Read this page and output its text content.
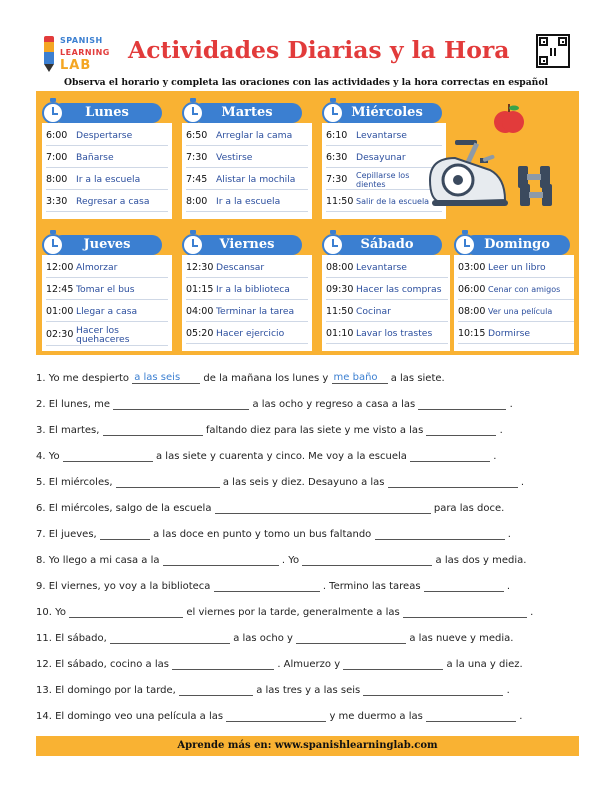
SPANISH
LEARNING
LAB
Actividades Diarias y la Hora
Observa el horario y completa las oraciones con las actividades y la hora correctas en español
Lunes
6:00 Despertarse
7:00 Bañarse
8:00 Ir a la escuela
3:30 Regresar a casa
Martes
6:50 Arreglar la cama
7:30 Vestirse
7:45 Alistar la mochila
8:00 Ir a la escuela
Miércoles
6:10 Levantarse
6:30 Desayunar
7:30	Cepillarse los dientes
11:50 Salir de la escuela
Jueves
12:00 Almorzar
12:45 Tomar el bus
01:00 Llegar a casa
02:30 Hacer los quehaceres
Viernes
12:30 Descansar
01:15 Ir a la biblioteca
04:00 Terminar la tarea
05:20 Hacer ejercicio
Sábado
08:00 Levantarse
09:30 Hacer las compras
11:50 Cocinar
01:10 Lavar los trastes
Domingo
03:00 Leer un libro
06:00 Cenar con amigos
08:00 Ver una película
10:15 Dormirse
1. Yo me despierto a las seis de la mañana los lunes y me baño a las siete.
2. El lunes, me	a las ocho y regreso a casa a las	.
3. El martes,	faltando diez para las siete y me visto a las	.
4. Yo	a las siete y cuarenta y cinco. Me voy a la escuela	.
5. El miércoles,	a las seis y diez. Desayuno a las	.
6. El miércoles, salgo de la escuela	para las doce.
7. El jueves,	a las doce en punto y tomo un bus faltando	.
8. Yo llego a mi casa a la	. Yo	a las dos y media.
9. El viernes, yo voy a la biblioteca	. Termino las tareas	.
10. Yo	el viernes por la tarde, generalmente a las	.
11. El sábado,	a las ocho y	a las nueve y media.
12. El sábado, cocino a las	. Almuerzo y	a la una y diez.
13. El domingo por la tarde,	a las tres y a las seis	.
14. El domingo veo una película a las	y me duermo a las	.
Aprende más en: www.spanishlearninglab.com
